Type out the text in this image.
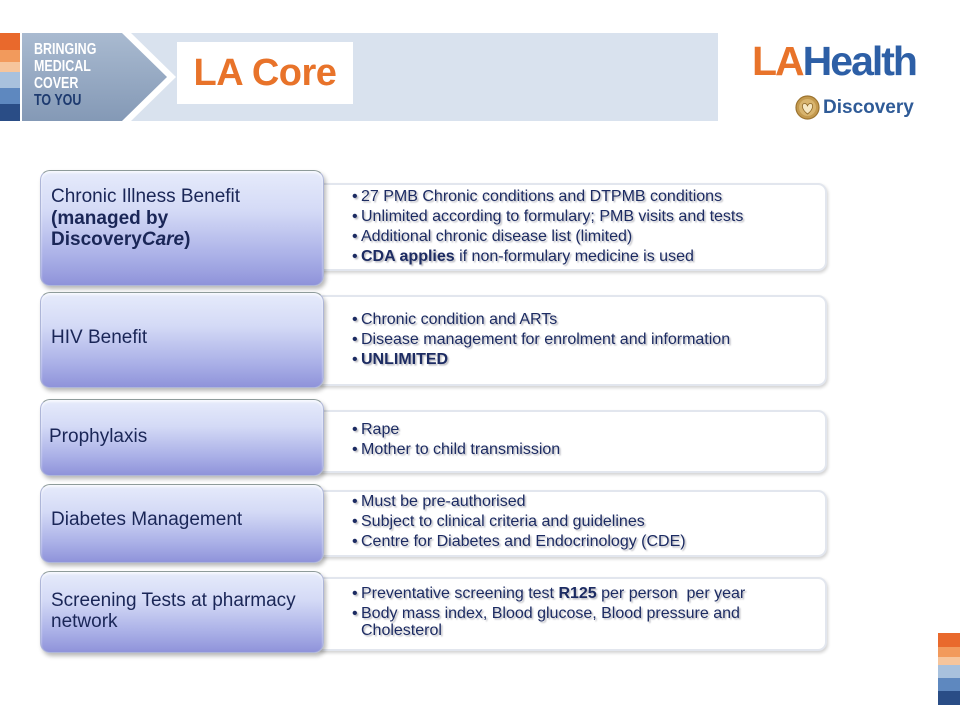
BRINGING
MEDICAL
COVER
TO YOU
LA Core	LAHealth
Discovery
Chronic Illness Benefit
(managed by
DiscoveryCare)
• 27 PMB Chronic conditions and DTPMB conditions
• Unlimited according to formulary; PMB visits and tests
• Additional chronic disease list (limited)
• CDA applies if non-formulary medicine is used
HIV Benefit
• Chronic condition and ARTs
• Disease management for enrolment and information
• UNLIMITED
Prophylaxis
•	Rape
• Mother to child transmission
Diabetes Management
• Must be pre-authorised
• Subject to clinical criteria and guidelines
• Centre for Diabetes and Endocrinology (CDE)
Screening Tests at pharmacy network
• Preventative screening test R125 per person  per year
• Body mass index, Blood glucose, Blood pressure and Cholesterol
